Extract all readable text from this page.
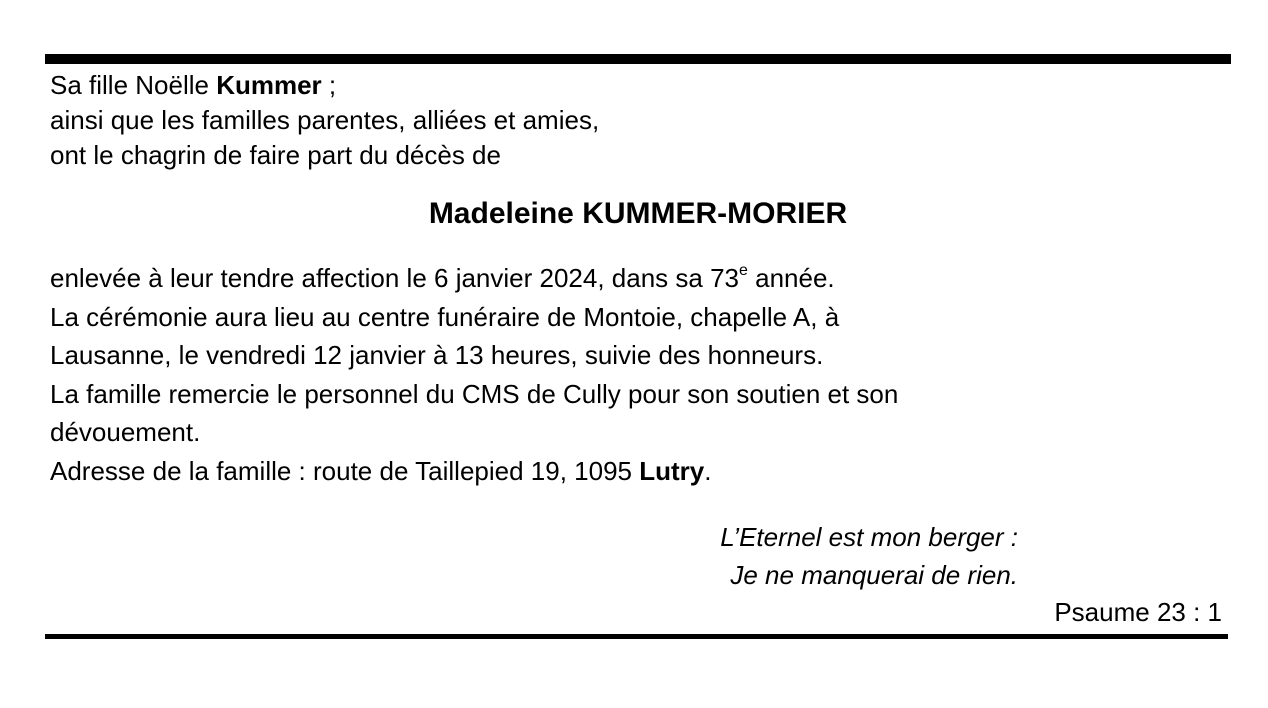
Sa fille Noëlle Kummer ;
ainsi que les familles parentes, alliées et amies,
ont le chagrin de faire part du décès de
Madeleine KUMMER-MORIER
enlevée à leur tendre affection le 6 janvier 2024, dans sa 73e année.
La cérémonie aura lieu au centre funéraire de Montoie, chapelle A, à
Lausanne, le vendredi 12 janvier à 13 heures, suivie des honneurs.
La famille remercie le personnel du CMS de Cully pour son soutien et son
dévouement.
Adresse de la famille : route de Taillepied 19, 1095 Lutry.
L’Eternel est mon berger :
Je ne manquerai de rien.
Psaume 23 : 1
